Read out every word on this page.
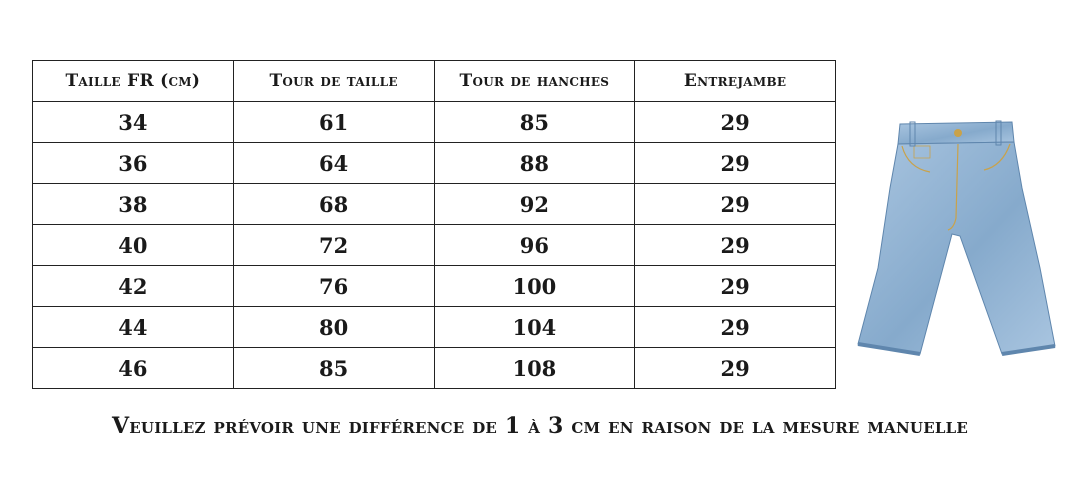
Taille FR (cm)	Tour de taille	Tour de hanches	Entrejambe
34	61	85	29
36	64	88	29
38	68	92	29
40	72	96	29
42	76	100	29
44	80	104	29
46	85	108	29
Veuillez prévoir une différence de 1 à 3 cm en raison de la mesure manuelle
